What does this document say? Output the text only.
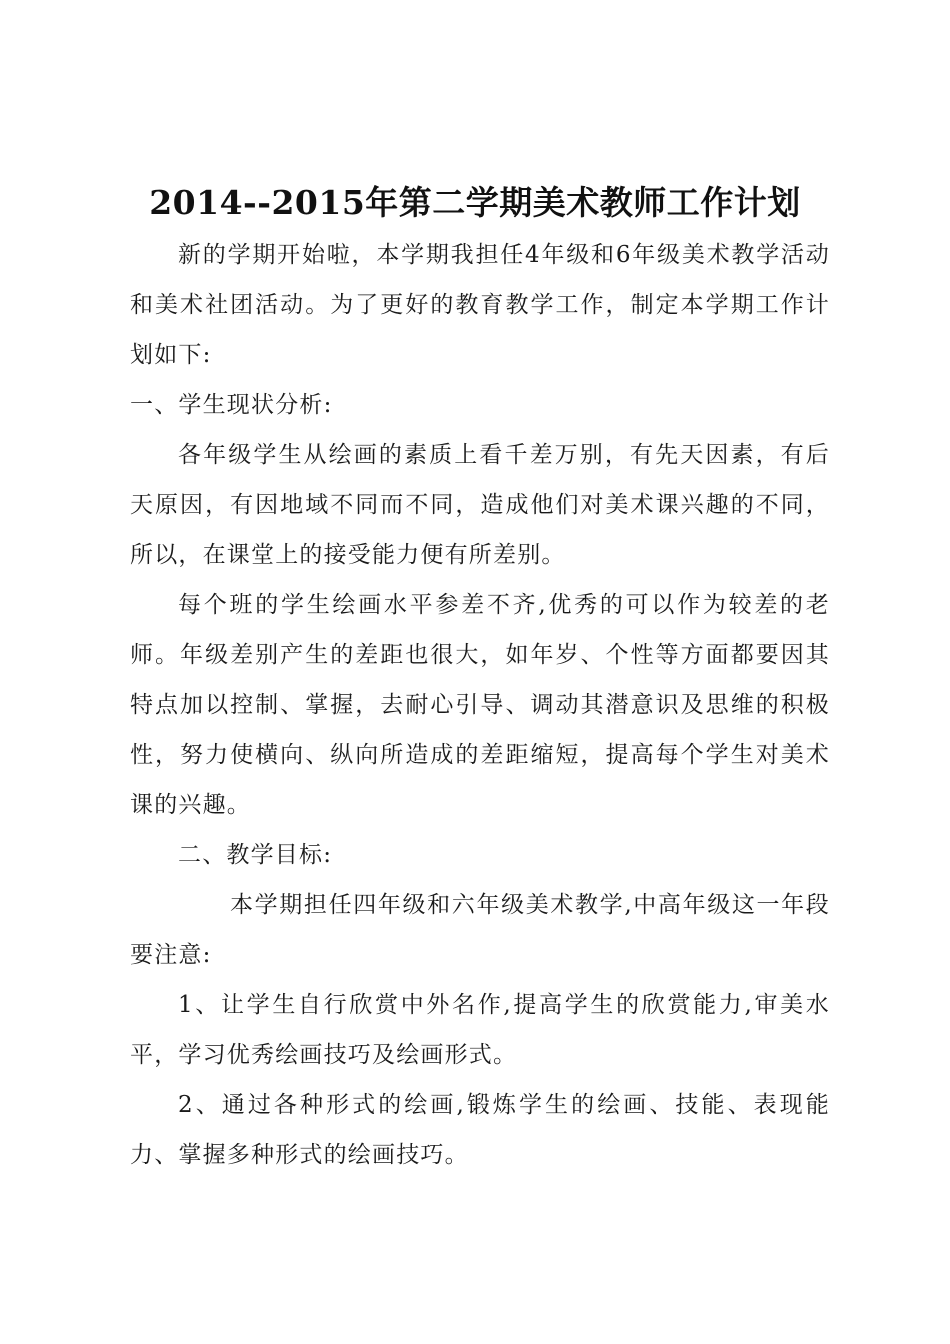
2014--2015年第二学期美术教师工作计划

新的学期开始啦，本学期我担任4年级和6年级美术教学活动和美术社团活动。为了更好的教育教学工作，制定本学期工作计划如下:

一、学生现状分析:

各年级学生从绘画的素质上看千差万别，有先天因素，有后天原因，有因地域不同而不同，造成他们对美术课兴趣的不同，所以，在课堂上的接受能力便有所差别。

每个班的学生绘画水平参差不齐,优秀的可以作为较差的老师。年级差别产生的差距也很大，如年岁、个性等方面都要因其特点加以控制、掌握，去耐心引导、调动其潜意识及思维的积极性，努力使横向、纵向所造成的差距缩短，提高每个学生对美术课的兴趣。

二、教学目标:

本学期担任四年级和六年级美术教学,中高年级这一年段要注意:

1、让学生自行欣赏中外名作,提高学生的欣赏能力,审美水平，学习优秀绘画技巧及绘画形式。

2、通过各种形式的绘画,锻炼学生的绘画、技能、表现能力、掌握多种形式的绘画技巧。
